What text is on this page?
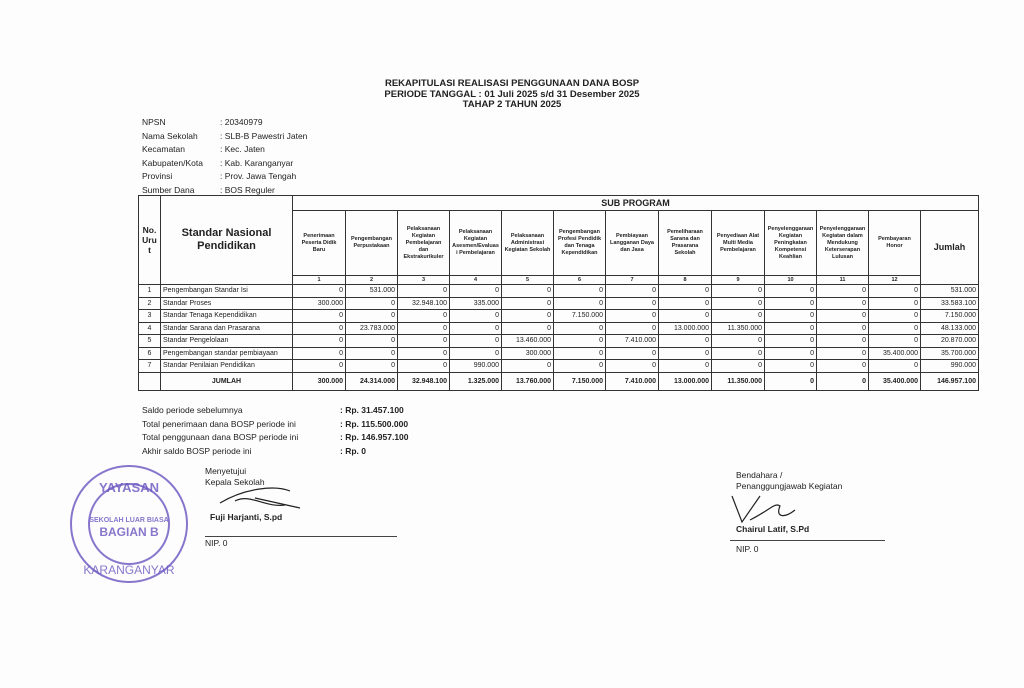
REKAPITULASI REALISASI PENGGUNAAN DANA BOSP
PERIODE TANGGAL : 01 Juli 2025 s/d 31 Desember 2025
TAHAP 2 TAHUN 2025
NPSN	: 20340979
Nama Sekolah	: SLB-B Pawestri Jaten
Kecamatan	: Kec. Jaten
Kabupaten/Kota	: Kab. Karanganyar
Provinsi	: Prov. Jawa Tengah
Sumber Dana	: BOS Reguler
No. Urut	Standar Nasional Pendidikan	SUB PROGRAM												
		Penerimaan Peserta Didik Baru	Pengembangan Perpustakaan	Pelaksanaan Kegiatan Pembelajaran dan Ekstrakurikuler	Pelaksanaan Kegiatan Asesmen/Evaluasi Pembelajaran	Pelaksanaan Administrasi Kegiatan Sekolah	Pengembangan Profesi Pendidik dan Tenaga Kependidikan	Pembiayaan Langganan Daya dan Jasa	Pemeliharaan Sarana dan Prasarana Sekolah	Penyediaan Alat Multi Media Pembelajaran	Penyelenggaraan Kegiatan Peningkatan Kompetensi Keahlian	Penyelenggaraan Kegiatan dalam Mendukung Keterserapan Lulusan	Pembayaran Honor	Jumlah
		1	2	3	4	5	6	7	8	9	10	11	12	
1	Pengembangan Standar Isi	0	531.000	0	0	0	0	0	0	0	0	0	0	531.000
2	Standar Proses	300.000	0	32.948.100	335.000	0	0	0	0	0	0	0	0	33.583.100
3	Standar Tenaga Kependidikan	0	0	0	0	0	7.150.000	0	0	0	0	0	0	7.150.000
4	Standar Sarana dan Prasarana	0	23.783.000	0	0	0	0	0	13.000.000	11.350.000	0	0	0	48.133.000
5	Standar Pengelolaan	0	0	0	0	13.460.000	0	7.410.000	0	0	0	0	0	20.870.000
6	Pengembangan standar pembiayaan	0	0	0	0	300.000	0	0	0	0	0	0	35.400.000	35.700.000
7	Standar Penilaian Pendidikan	0	0	0	990.000	0	0	0	0	0	0	0	0	990.000
	JUMLAH	300.000	24.314.000	32.948.100	1.325.000	13.760.000	7.150.000	7.410.000	13.000.000	11.350.000	0	0	35.400.000	146.957.100
Saldo periode sebelumnya	: Rp. 31.457.100
Total penerimaan dana BOSP periode ini	: Rp. 115.500.000
Total penggunaan dana BOSP periode ini	: Rp. 146.957.100
Akhir saldo BOSP periode ini	: Rp. 0
YAYASAN
SEKOLAH LUAR BIASA
BAGIAN B
KARANGANYAR
Menyetujui
Kepala Sekolah
Fuji Harjanti, S.pd
NIP. 0
Bendahara /
Penanggungjawab Kegiatan
Chairul Latif, S.Pd
NIP. 0
